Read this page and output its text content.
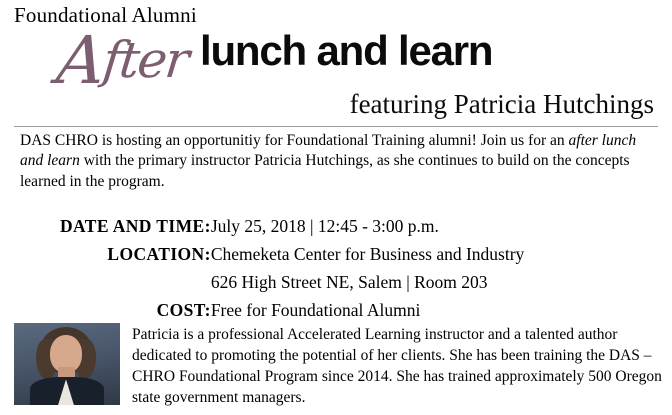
Foundational Alumni
After lunch and learn
featuring Patricia Hutchings

DAS CHRO is hosting an opportunitiy for Foundational Training alumni! Join us for an after lunch and learn with the primary instructor Patricia Hutchings, as she continues to build on the concepts learned in the program.

DATE AND TIME:	July 25, 2018 | 12:45 - 3:00 p.m.
LOCATION:	Chemeketa Center for Business and Industry
	626 High Street NE, Salem | Room 203
COST:	Free for Foundational Alumni
Patricia is a professional Accelerated Learning instructor and a talented author dedicated to promoting the potential of her clients. She has been training the DAS – CHRO Foundational Program since 2014. She has trained approximately 500 Oregon state government managers.
